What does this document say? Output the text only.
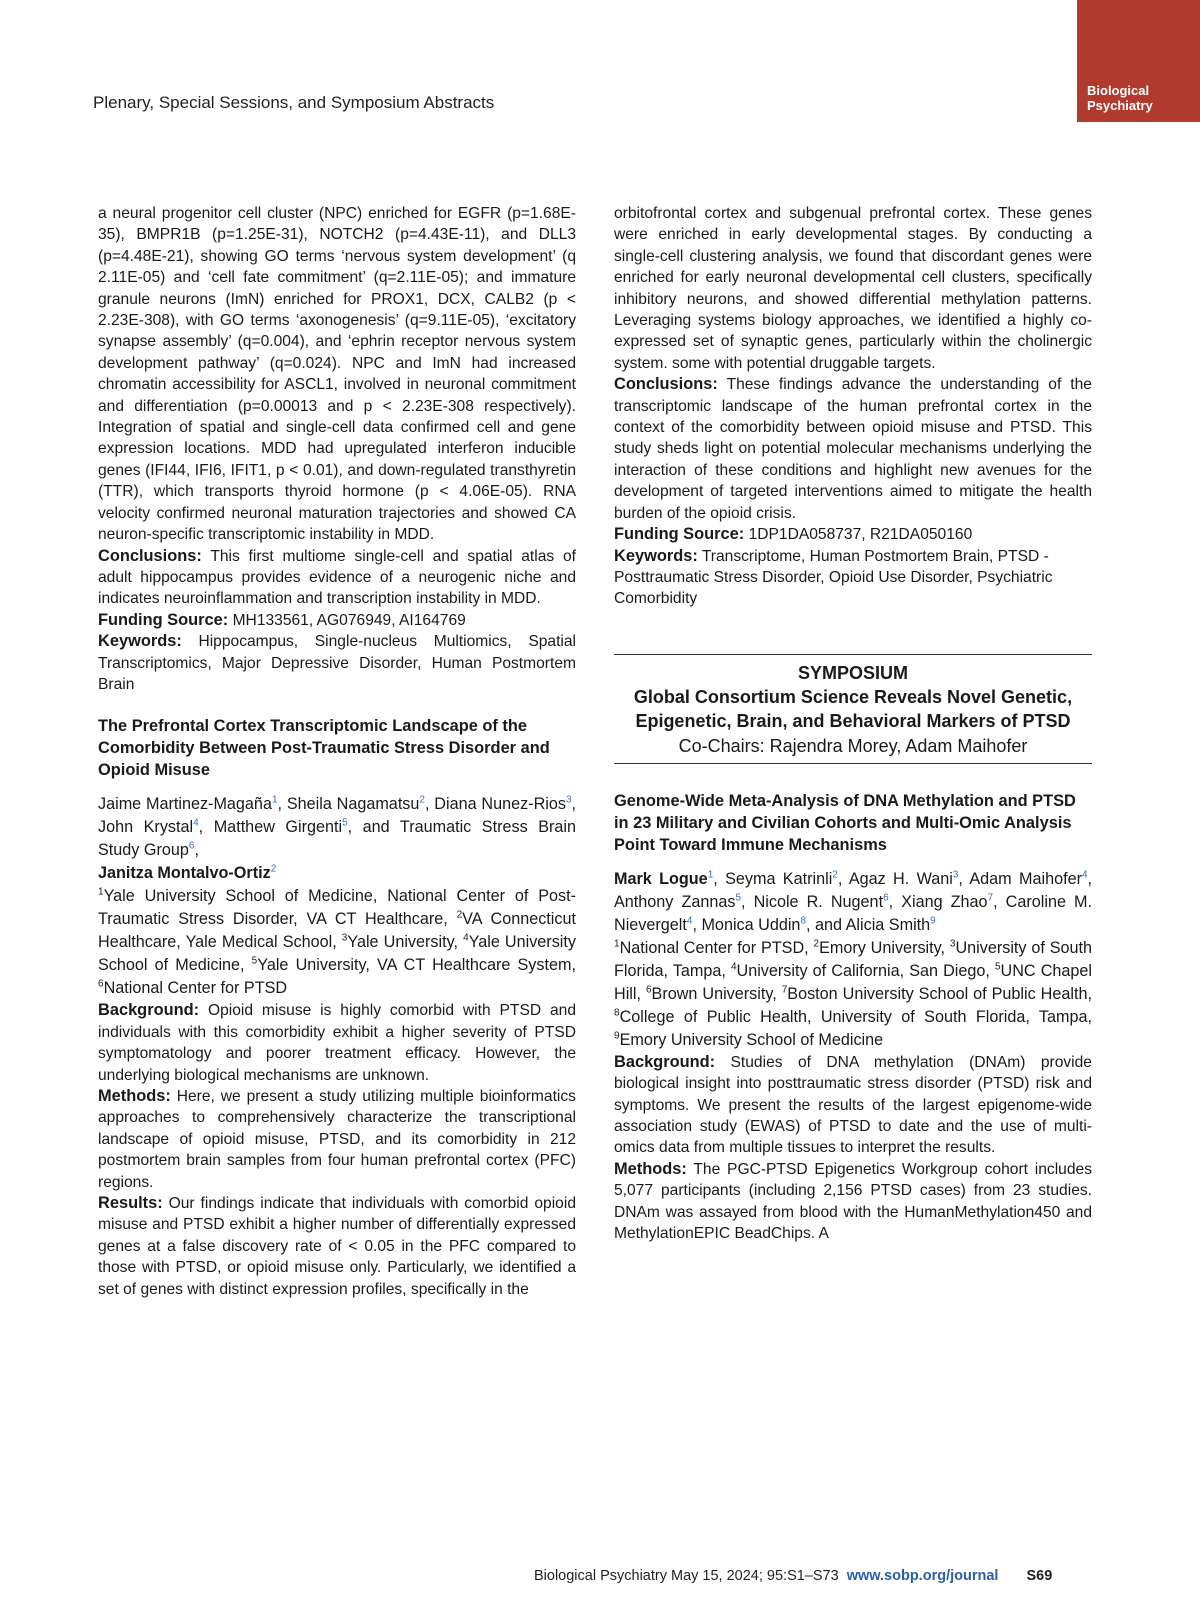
Plenary, Special Sessions, and Symposium Abstracts
Biological
Psychiatry

a neural progenitor cell cluster (NPC) enriched for EGFR (p=1.68E-35), BMPR1B (p=1.25E-31), NOTCH2 (p=4.43E-11), and DLL3 (p=4.48E-21), showing GO terms ‘nervous system development’ (q 2.11E-05) and ‘cell fate commitment’ (q=2.11E-05); and immature granule neurons (ImN) enriched for PROX1, DCX, CALB2 (p < 2.23E-308), with GO terms ‘axonogenesis’ (q=9.11E-05), ‘excitatory synapse assembly’ (q=0.004), and ‘ephrin receptor nervous system development pathway’ (q=0.024). NPC and ImN had increased chromatin accessibility for ASCL1, involved in neuronal commitment and differentiation (p=0.00013 and p < 2.23E-308 respectively). Integration of spatial and single-cell data confirmed cell and gene expression locations. MDD had upregulated interferon inducible genes (IFI44, IFI6, IFIT1, p < 0.01), and down-regulated transthyretin (TTR), which transports thyroid hormone (p < 4.06E-05). RNA velocity confirmed neuronal maturation trajectories and showed CA neuron-specific transcriptomic instability in MDD.

Conclusions: This first multiome single-cell and spatial atlas of adult hippocampus provides evidence of a neurogenic niche and indicates neuroinflammation and transcription instability in MDD.

Funding Source: MH133561, AG076949, AI164769

Keywords: Hippocampus, Single-nucleus Multiomics, Spatial Transcriptomics, Major Depressive Disorder, Human Postmortem Brain

The Prefrontal Cortex Transcriptomic Landscape of the Comorbidity Between Post-Traumatic Stress Disorder and Opioid Misuse

Jaime Martinez-Magaña$^1$, Sheila Nagamatsu$^2$, Diana Nunez-Rios$^3$, John Krystal$^4$, Matthew Girgenti$^5$, and Traumatic Stress Brain Study Group$^6$,
Janitza Montalvo-Ortiz$^2$

$^1$Yale University School of Medicine, National Center of Post-Traumatic Stress Disorder, VA CT Healthcare, $^2$VA Connecticut Healthcare, Yale Medical School, $^3$Yale University, $^4$Yale University School of Medicine, $^5$Yale University, VA CT Healthcare System, $^6$National Center for PTSD

Background: Opioid misuse is highly comorbid with PTSD and individuals with this comorbidity exhibit a higher severity of PTSD symptomatology and poorer treatment efficacy. However, the underlying biological mechanisms are unknown.

Methods: Here, we present a study utilizing multiple bioinformatics approaches to comprehensively characterize the transcriptional landscape of opioid misuse, PTSD, and its comorbidity in 212 postmortem brain samples from four human prefrontal cortex (PFC) regions.

Results: Our findings indicate that individuals with comorbid opioid misuse and PTSD exhibit a higher number of differentially expressed genes at a false discovery rate of < 0.05 in the PFC compared to those with PTSD, or opioid misuse only. Particularly, we identified a set of genes with distinct expression profiles, specifically in the

orbitofrontal cortex and subgenual prefrontal cortex. These genes were enriched in early developmental stages. By conducting a single-cell clustering analysis, we found that discordant genes were enriched for early neuronal developmental cell clusters, specifically inhibitory neurons, and showed differential methylation patterns. Leveraging systems biology approaches, we identified a highly co-expressed set of synaptic genes, particularly within the cholinergic system. some with potential druggable targets.

Conclusions: These findings advance the understanding of the transcriptomic landscape of the human prefrontal cortex in the context of the comorbidity between opioid misuse and PTSD. This study sheds light on potential molecular mechanisms underlying the interaction of these conditions and highlight new avenues for the development of targeted interventions aimed to mitigate the health burden of the opioid crisis.

Funding Source: 1DP1DA058737, R21DA050160

Keywords: Transcriptome, Human Postmortem Brain, PTSD - Posttraumatic Stress Disorder, Opioid Use Disorder, Psychiatric Comorbidity

SYMPOSIUM
Global Consortium Science Reveals Novel Genetic, Epigenetic, Brain, and Behavioral Markers of PTSD
Co-Chairs: Rajendra Morey, Adam Maihofer
Genome-Wide Meta-Analysis of DNA Methylation and PTSD in 23 Military and Civilian Cohorts and Multi-Omic Analysis Point Toward Immune Mechanisms

Mark Logue$^1$, Seyma Katrinli$^2$, Agaz H. Wani$^3$, Adam Maihofer$^4$, Anthony Zannas$^5$, Nicole R. Nugent$^6$, Xiang Zhao$^7$, Caroline M. Nievergelt$^4$, Monica Uddin$^8$, and Alicia Smith$^9$

$^1$National Center for PTSD, $^2$Emory University, $^3$University of South Florida, Tampa, $^4$University of California, San Diego, $^5$UNC Chapel Hill, $^6$Brown University, $^7$Boston University School of Public Health, $^8$College of Public Health, University of South Florida, Tampa, $^9$Emory University School of Medicine

Background: Studies of DNA methylation (DNAm) provide biological insight into posttraumatic stress disorder (PTSD) risk and symptoms. We present the results of the largest epigenome-wide association study (EWAS) of PTSD to date and the use of multi-omics data from multiple tissues to interpret the results.

Methods: The PGC-PTSD Epigenetics Workgroup cohort includes 5,077 participants (including 2,156 PTSD cases) from 23 studies. DNAm was assayed from blood with the HumanMethylation450 and MethylationEPIC BeadChips. A

Biological Psychiatry May 15, 2024; 95:S1–S73 www.sobp.org/journal S69
